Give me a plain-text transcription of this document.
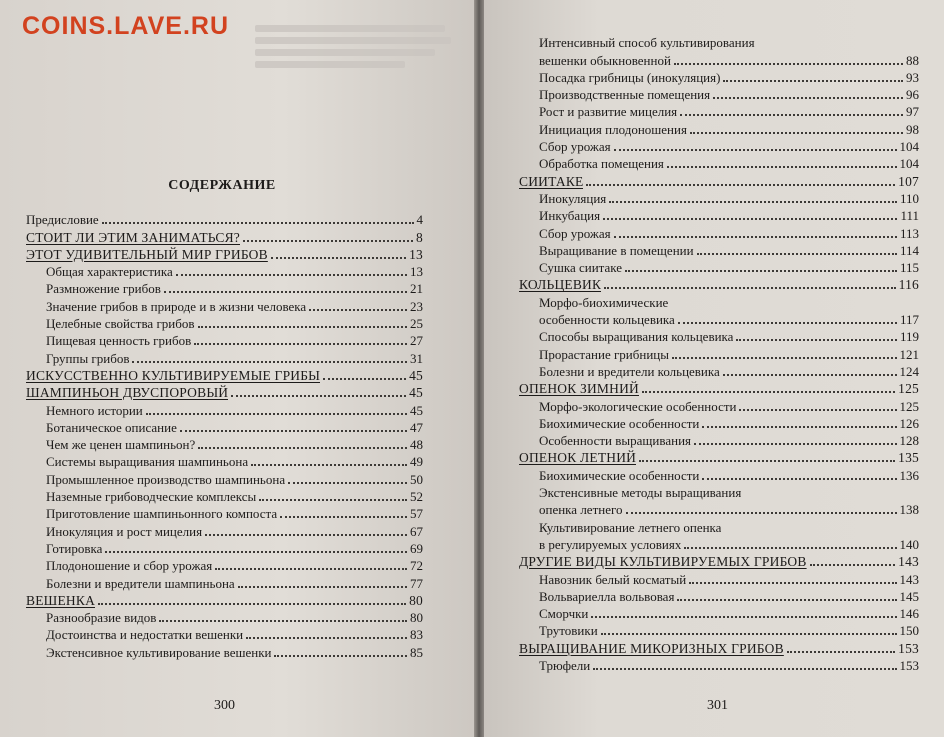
СОДЕРЖАНИЕ
300	301
COINS.LAVE.RU
Предисловие	4
СТОИТ ЛИ ЭТИМ ЗАНИМАТЬСЯ?	8
ЭТОТ УДИВИТЕЛЬНЫЙ МИР ГРИБОВ	13
Общая характеристика	13
Размножение грибов	21
Значение грибов в природе и в жизни человека	23
Целебные свойства грибов	25
Пищевая ценность грибов	27
Группы грибов	31
ИСКУССТВЕННО КУЛЬТИВИРУЕМЫЕ ГРИБЫ	45
ШАМПИНЬОН ДВУСПОРОВЫЙ	45
Немного истории	45
Ботаническое описание	47
Чем же ценен шампиньон?	48
Системы выращивания шампиньона	49
Промышленное производство шампиньона	50
Наземные грибоводческие комплексы	52
Приготовление шампиньонного компоста	57
Инокуляция и рост мицелия	67
Готировка	69
Плодоношение и сбор урожая	72
Болезни и вредители шампиньона	77
ВЕШЕНКА	80
Разнообразие видов	80
Достоинства и недостатки вешенки	83
Экстенсивное культивирование вешенки	85
Интенсивный способ культивирования
вешенки обыкновенной	88
Посадка грибницы (инокуляция)	93
Производственные помещения	96
Рост и развитие мицелия	97
Инициация плодоношения	98
Сбор урожая	104
Обработка помещения	104
СИИТАКЕ	107
Инокуляция	110
Инкубация	111
Сбор урожая	113
Выращивание в помещении	114
Сушка сиитаке	115
КОЛЬЦЕВИК	116
Морфо-биохимические
особенности кольцевика	117
Способы выращивания кольцевика	119
Прорастание грибницы	121
Болезни и вредители кольцевика	124
ОПЕНОК ЗИМНИЙ	125
Морфо-экологические особенности	125
Биохимические особенности	126
Особенности выращивания	128
ОПЕНОК ЛЕТНИЙ	135
Биохимические особенности	136
Экстенсивные методы выращивания
опенка летнего	138
Культивирование летнего опенка
в регулируемых условиях	140
ДРУГИЕ ВИДЫ КУЛЬТИВИРУЕМЫХ ГРИБОВ	143
Навозник белый косматый	143
Вольвариелла вольвовая	145
Сморчки	146
Трутовики	150
ВЫРАЩИВАНИЕ МИКОРИЗНЫХ ГРИБОВ	153
Трюфели	153
